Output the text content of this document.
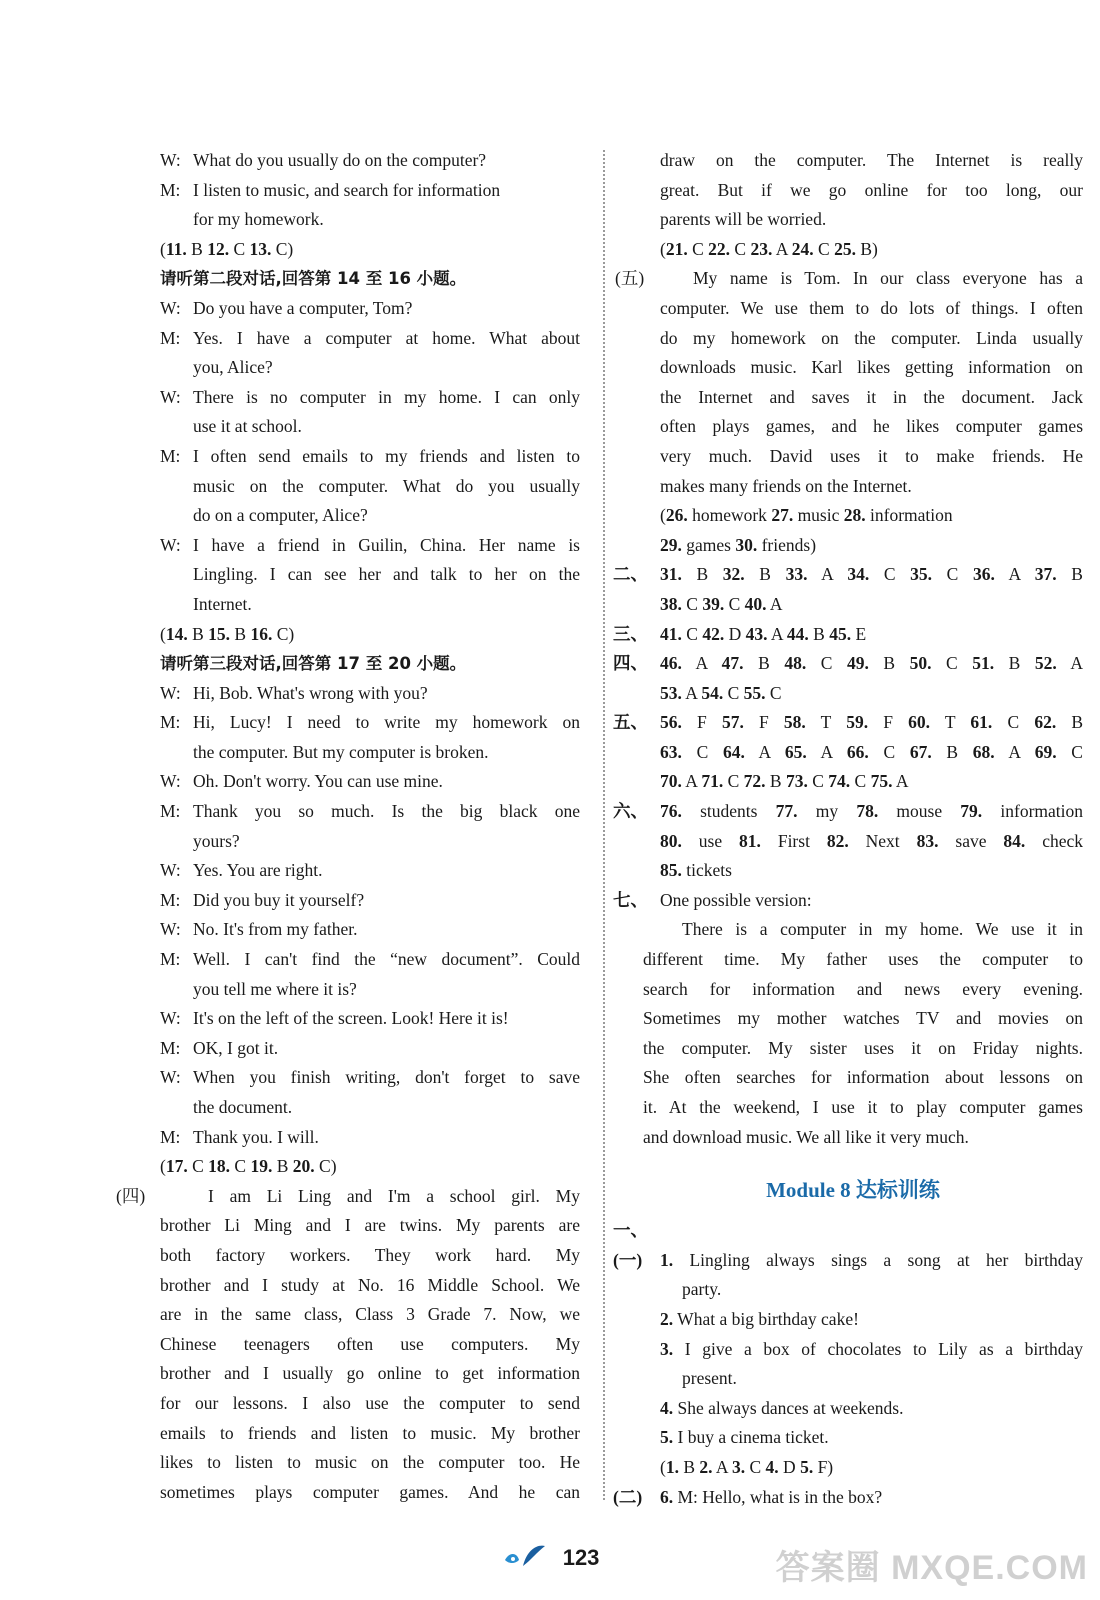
W: What do you usually do on the computer?
M: I listen to music, and search for information
for my homework.
(11. B 12. C 13. C)
请听第二段对话,回答第 14 至 16 小题。
W: Do you have a computer, Tom?
M: Yes. I have a computer at home. What about
you, Alice?
W: There is no computer in my home. I can only
use it at school.
M: I often send emails to my friends and listen to
music on the computer. What do you usually
do on a computer, Alice?
W: I have a friend in Guilin, China. Her name is
Lingling. I can see her and talk to her on the
Internet.
(14. B 15. B 16. C)
请听第三段对话,回答第 17 至 20 小题。
W: Hi, Bob. What's wrong with you?
M: Hi, Lucy! I need to write my homework on
the computer. But my computer is broken.
W: Oh. Don't worry. You can use mine.
M: Thank you so much. Is the big black one
yours?
W: Yes. You are right.
M: Did you buy it yourself?
W: No. It's from my father.
M: Well. I can't find the “new document”. Could
you tell me where it is?
W: It's on the left of the screen. Look! Here it is!
M: OK, I got it.
W: When you finish writing, don't forget to save
the document.
M: Thank you. I will.
(17. C 18. C 19. B 20. C)
(四)	I am Li Ling and I'm a school girl. My
brother Li Ming and I are twins. My parents are
both factory workers. They work hard. My
brother and I study at No. 16 Middle School. We
are in the same class, Class 3 Grade 7. Now, we
Chinese teenagers often use computers. My
brother and I usually go online to get information
for our lessons. I also use the computer to send
emails to friends and listen to music. My brother
likes to listen to music on the computer too. He
sometimes plays computer games. And he can
draw on the computer. The Internet is really
great. But if we go online for too long, our
parents will be worried.
(21. C 22. C 23. A 24. C 25. B)
(五)	My name is Tom. In our class everyone has a
computer. We use them to do lots of things. I often
do my homework on the computer. Linda usually
downloads music. Karl likes getting information on
the Internet and saves it in the document. Jack
often plays games, and he likes computer games
very much. David uses it to make friends. He
makes many friends on the Internet.
(26. homework 27. music 28. information
29. games 30. friends)
二、 31. B 32. B 33. A 34. C 35. C 36. A 37. B
38. C 39. C 40. A
三、 41. C 42. D 43. A 44. B 45. E
四、 46. A 47. B 48. C 49. B 50. C 51. B 52. A
53. A 54. C 55. C
五、 56. F 57. F 58. T 59. F 60. T 61. C 62. B
63. C 64. A 65. A 66. C 67. B 68. A 69. C
70. A 71. C 72. B 73. C 74. C 75. A
六、 76. students 77. my 78. mouse 79. information
80. use 81. First 82. Next 83. save 84. check
85. tickets
七、 One possible version:
There is a computer in my home. We use it in
different time. My father uses the computer to
search for information and news every evening.
Sometimes my mother watches TV and movies on
the computer. My sister uses it on Friday nights.
She often searches for information about lessons on
it. At the weekend, I use it to play computer games
and download music. We all like it very much.
Module 8 达标训练
一、
(一) 1. Lingling always sings a song at her birthday
party.
2. What a big birthday cake!
3. I give a box of chocolates to Lily as a birthday
present.
4. She always dances at weekends.
5. I buy a cinema ticket.
(1. B 2. A 3. C 4. D 5. F)
(二) 6. M: Hello, what is in the box?
123	答案圈 MXQE.COM
